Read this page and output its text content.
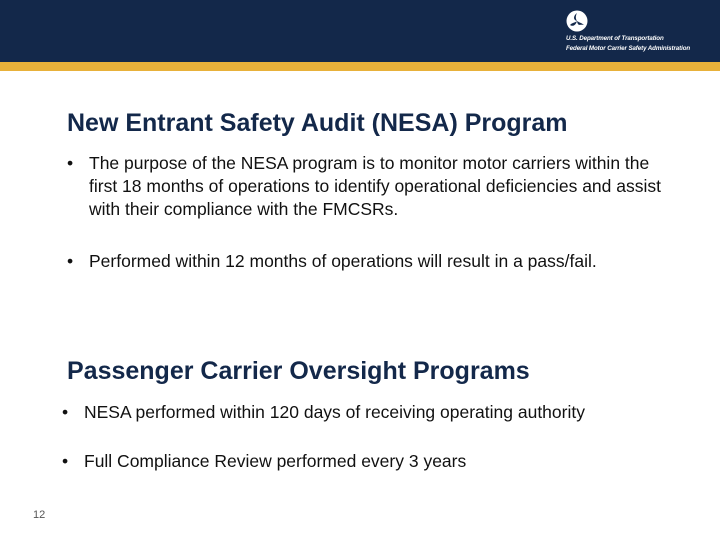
U.S. Department of Transportation
Federal Motor Carrier Safety Administration
New Entrant Safety Audit (NESA) Program
• The purpose of the NESA program is to monitor motor carriers within the first 18 months of operations to identify operational deficiencies and assist with their compliance with the FMCSRs.
• Performed within 12 months of operations will result in a pass/fail.
Passenger Carrier Oversight Programs
• NESA performed within 120 days of receiving operating authority
• Full Compliance Review performed every 3 years
12
